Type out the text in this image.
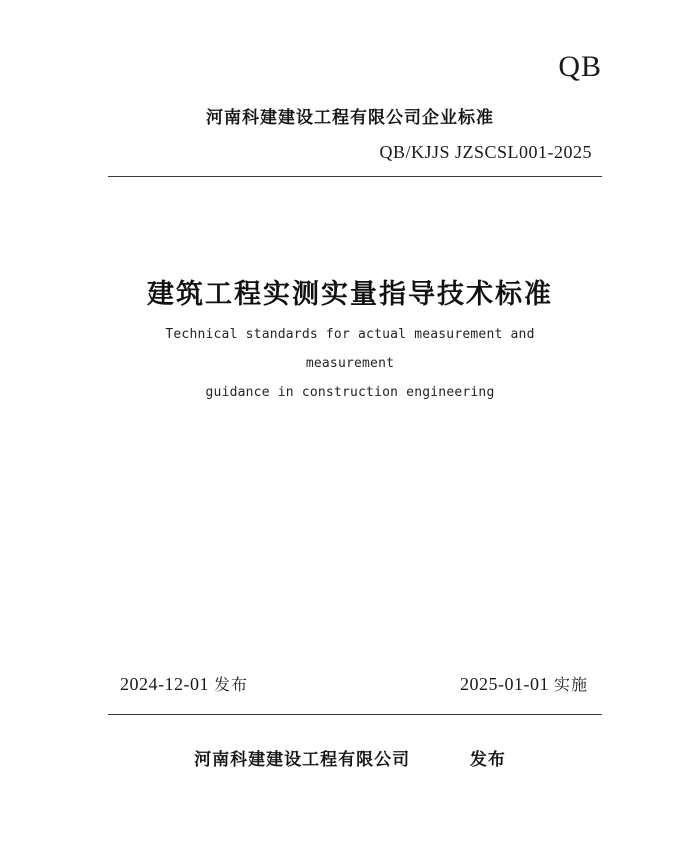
QB
河南科建建设工程有限公司企业标准
QB/KJJS JZSCSL001-2025
建筑工程实测实量指导技术标准
Technical standards for actual measurement and measurement
guidance in construction engineering
2024-12-01 发布	2025-01-01 实施
河南科建建设工程有限公司	发布
